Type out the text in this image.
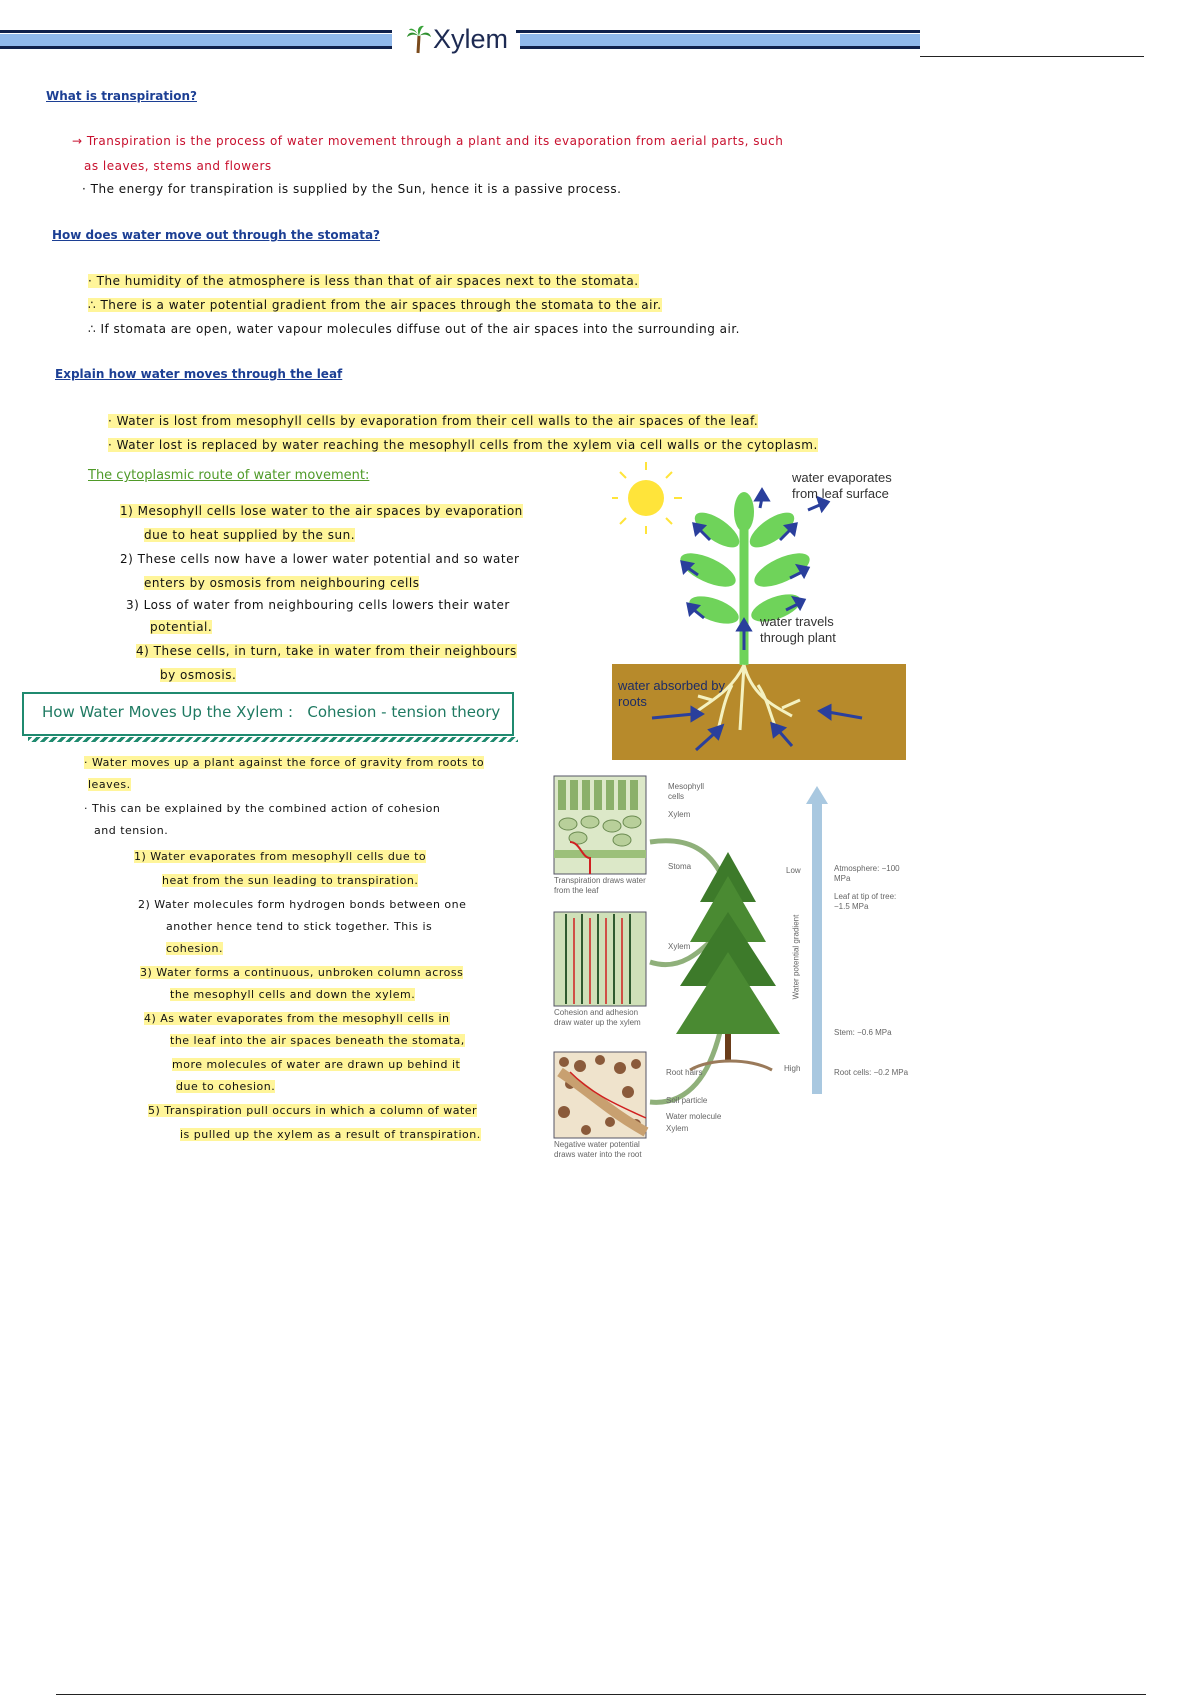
Xylem
What is transpiration?
→ Transpiration is the process of water movement through a plant and its evaporation from aerial parts, such
as leaves, stems and flowers
· The energy for transpiration is supplied by the Sun, hence it is a passive process.
How does water move out through the stomata?
· The humidity of the atmosphere is less than that of air spaces next to the stomata.
∴ There is a water potential gradient from the air spaces through the stomata to the air.
∴ If stomata are open, water vapour molecules diffuse out of the air spaces into the surrounding air.
Explain how water moves through the leaf
· Water is lost from mesophyll cells by evaporation from their cell walls to the air spaces of the leaf.
· Water lost is replaced by water reaching the mesophyll cells from the xylem via cell walls or the cytoplasm.
The cytoplasmic route of water movement:
1) Mesophyll cells lose water to the air spaces by evaporation
due to heat supplied by the sun.
2) These cells now have a lower water potential and so water
enters by osmosis from neighbouring cells
3) Loss of water from neighbouring cells lowers their water
potential.
4) These cells, in turn, take in water from their neighbours
by osmosis.
water evaporates from leaf surface
water travels through plant
water absorbed by roots
How Water Moves Up the Xylem :   Cohesion - tension theory
· Water moves up a plant against the force of gravity from roots to
leaves.
· This can be explained by the combined action of cohesion
and tension.
1) Water evaporates from mesophyll cells due to
heat from the sun leading to transpiration.
2) Water molecules form hydrogen bonds between one
another hence tend to stick together. This is
cohesion.
3) Water forms a continuous, unbroken column across
the mesophyll cells and down the xylem.
4) As water evaporates from the mesophyll cells in
the leaf into the air spaces beneath the stomata,
more molecules of water are drawn up behind it
due to cohesion.
5) Transpiration pull occurs in which a column of water
is pulled up the xylem as a result of transpiration.
Mesophyll cells
Xylem
Stoma
Transpiration draws water from the leaf
Xylem
Cohesion and adhesion draw water up the xylem
Root hairs
Soil particle
Water molecule
Xylem
Negative water potential draws water into the root
Low
High
Water potential gradient
Atmosphere: −100 MPa
Leaf at tip of tree: −1.5 MPa
Stem: −0.6 MPa
Root cells: −0.2 MPa
